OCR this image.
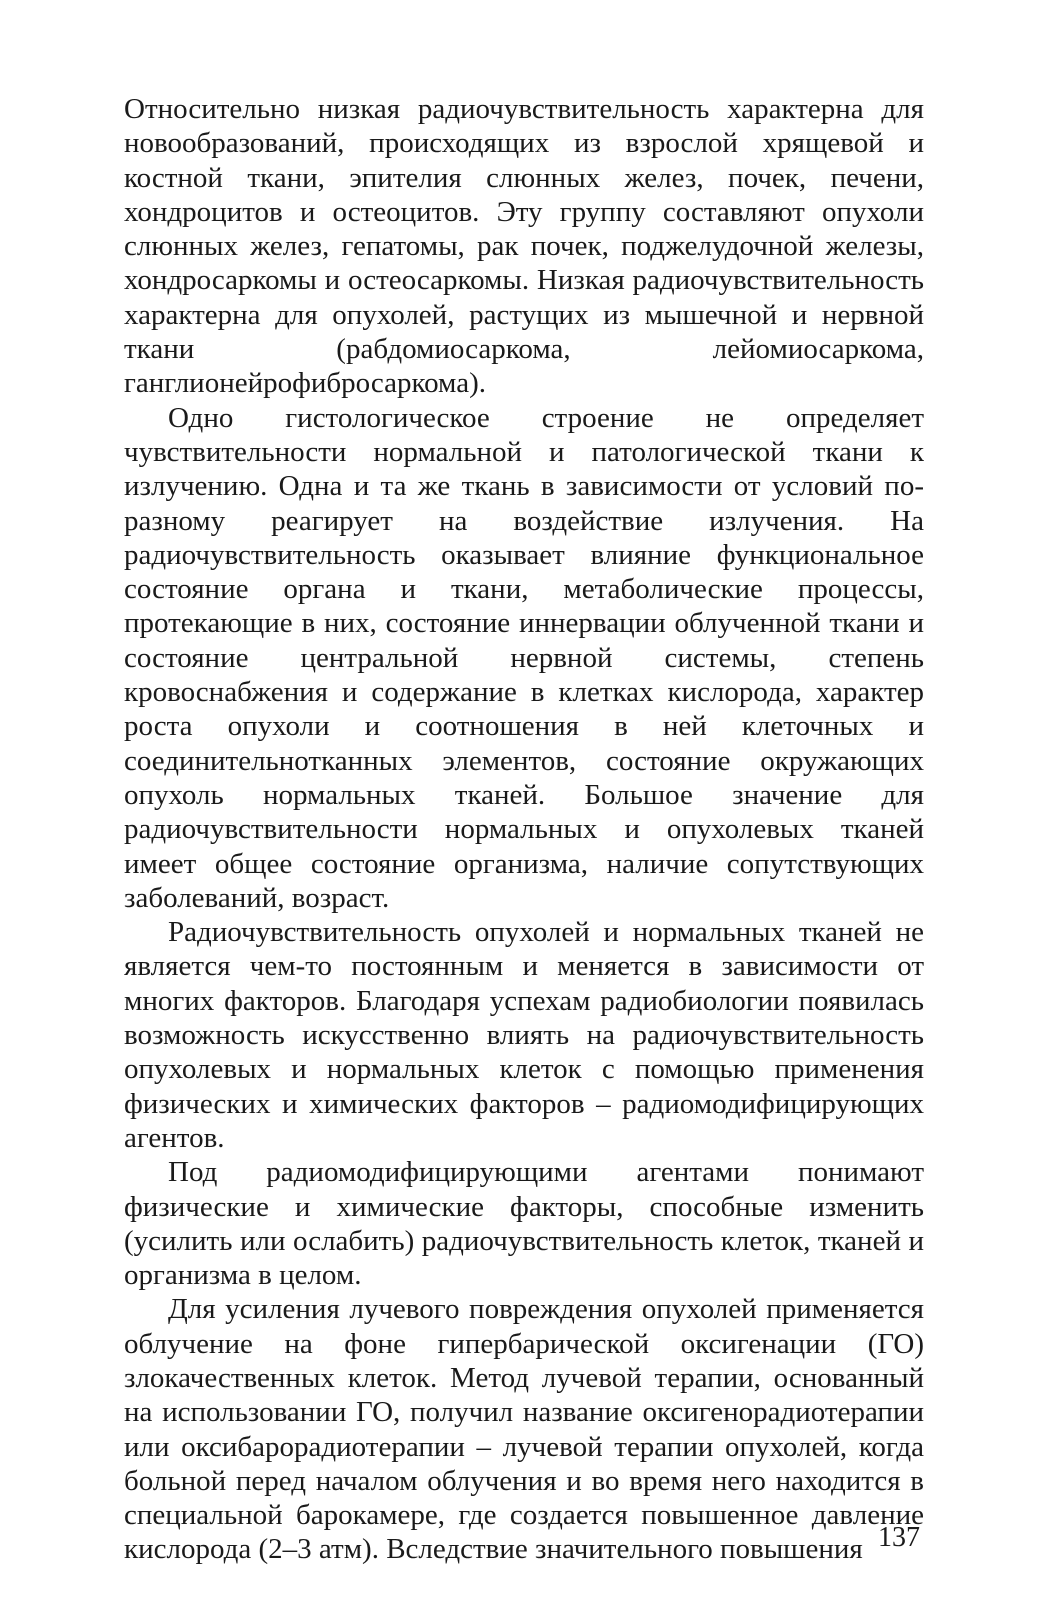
Относительно низкая радиочувствительность характерна для новообразований, происходящих из взрослой хрящевой и костной ткани, эпителия слюнных желез, почек, печени, хондроцитов и остеоцитов. Эту группу составляют опухоли слюнных желез, гепатомы, рак почек, поджелудочной железы, хондросаркомы и остеосаркомы. Низкая радиочувствительность характерна для опухолей, растущих из мышечной и нервной ткани (рабдомиосаркома, лейомиосаркома, ганглионейрофибросаркома).

Одно гистологическое строение не определяет чувствительности нормальной и патологической ткани к излучению. Одна и та же ткань в зависимости от условий по-разному реагирует на воздействие излучения. На радиочувствительность оказывает влияние функциональное состояние органа и ткани, метаболические процессы, протекающие в них, состояние иннервации облученной ткани и состояние центральной нервной системы, степень кровоснабжения и содержание в клетках кислорода, характер роста опухоли и соотношения в ней клеточных и соединительнотканных элементов, состояние окружающих опухоль нормальных тканей. Большое значение для радиочувствительности нормальных и опухолевых тканей имеет общее состояние организма, наличие сопутствующих заболеваний, возраст.

Радиочувствительность опухолей и нормальных тканей не является чем-то постоянным и меняется в зависимости от многих факторов. Благодаря успехам радиобиологии появилась возможность искусственно влиять на радиочувствительность опухолевых и нормальных клеток с помощью применения физических и химических факторов – радиомодифицирующих агентов.

Под радиомодифицирующими агентами понимают физические и химические факторы, способные изменить (усилить или ослабить) радиочувствительность клеток, тканей и организма в целом.

Для усиления лучевого повреждения опухолей применяется облучение на фоне гипербарической оксигенации (ГО) злокачественных клеток. Метод лучевой терапии, основанный на использовании ГО, получил название оксигенорадиотерапии или оксибарорадиотерапии – лучевой терапии опухолей, когда больной перед началом облучения и во время него находится в специальной барокамере, где создается повышенное давление кислорода (2–3 атм). Вследствие значительного повышения 137
